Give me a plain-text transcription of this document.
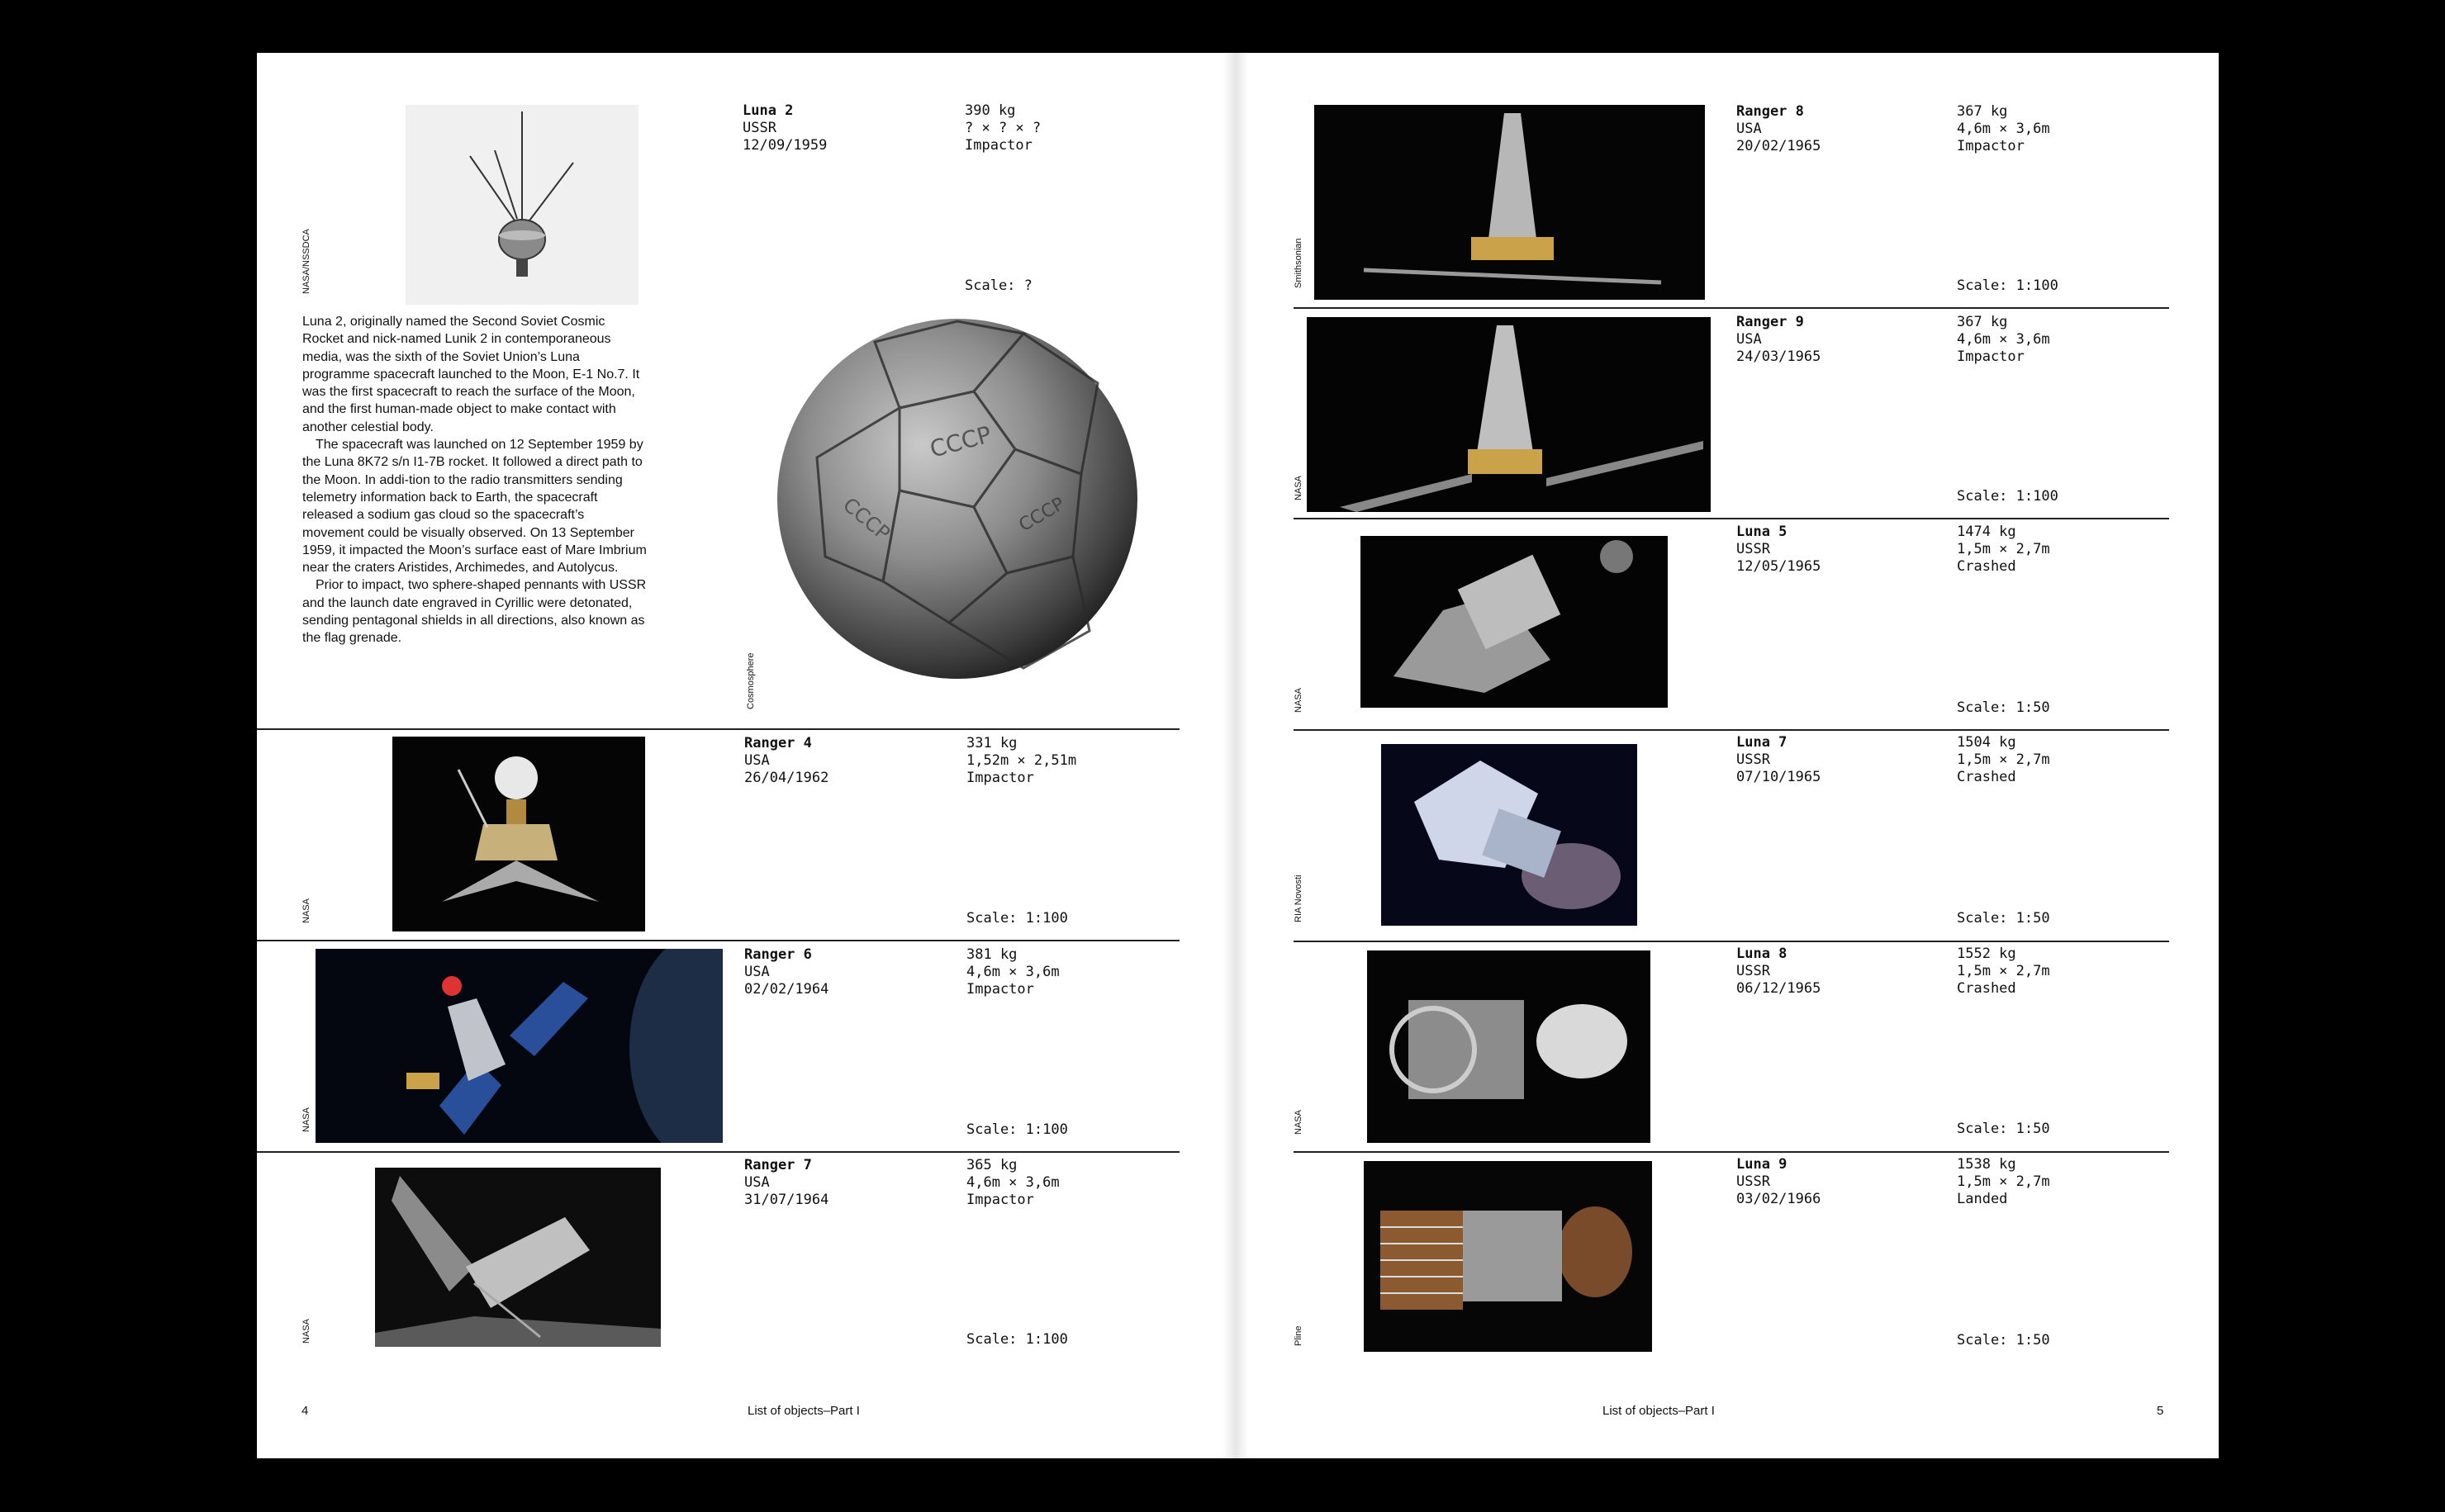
NASA/NSSDCA
Luna 2
USSR
12/09/1959
390 kg
? × ? × ?
Impactor
Scale: ?

Luna 2, originally named the Second Soviet Cosmic Rocket and nick-named Lunik 2 in contemporaneous media, was the sixth of the Soviet Union’s Luna programme spacecraft launched to the Moon, E-1 No.7. It was the first spacecraft to reach the surface of the Moon, and the first human-made object to make contact with another celestial body.

The spacecraft was launched on 12 September 1959 by the Luna 8K72 s/n I1-7B rocket. It followed a direct path to the Moon. In addi-tion to the radio transmitters sending telemetry information back to Earth, the spacecraft released a sodium gas cloud so the spacecraft’s movement could be visually observed. On 13 September 1959, it impacted the Moon’s surface east of Mare Imbrium near the craters Aristides, Archimedes, and Autolycus.

Prior to impact, two sphere-shaped pennants with USSR and the launch date engraved in Cyrillic were detonated, sending pentagonal shields in all directions, also known as the flag grenade.

СССР
СССР	СССР
Cosmosphere
NASA
Ranger 4
USA
26/04/1962
331 kg
1,52m × 2,51m
Impactor
Scale: 1:100
NASA
Ranger 6
USA
02/02/1964
381 kg
4,6m × 3,6m
Impactor
Scale: 1:100
NASA
Ranger 7
USA
31/07/1964
365 kg
4,6m × 3,6m
Impactor
Scale: 1:100
4	List of objects–Part I
Smithsonian
Ranger 8
USA
20/02/1965
367 kg
4,6m × 3,6m
Impactor
Scale: 1:100
NASA
Ranger 9
USA
24/03/1965
367 kg
4,6m × 3,6m
Impactor
Scale: 1:100
NASA
Luna 5
USSR
12/05/1965
1474 kg
1,5m × 2,7m
Crashed
Scale: 1:50
RIA Novosti
Luna 7
USSR
07/10/1965
1504 kg
1,5m × 2,7m
Crashed
Scale: 1:50
NASA
Luna 8
USSR
06/12/1965
1552 kg
1,5m × 2,7m
Crashed
Scale: 1:50
Pline
Luna 9
USSR
03/02/1966
1538 kg
1,5m × 2,7m
Landed
Scale: 1:50
List of objects–Part I	5
